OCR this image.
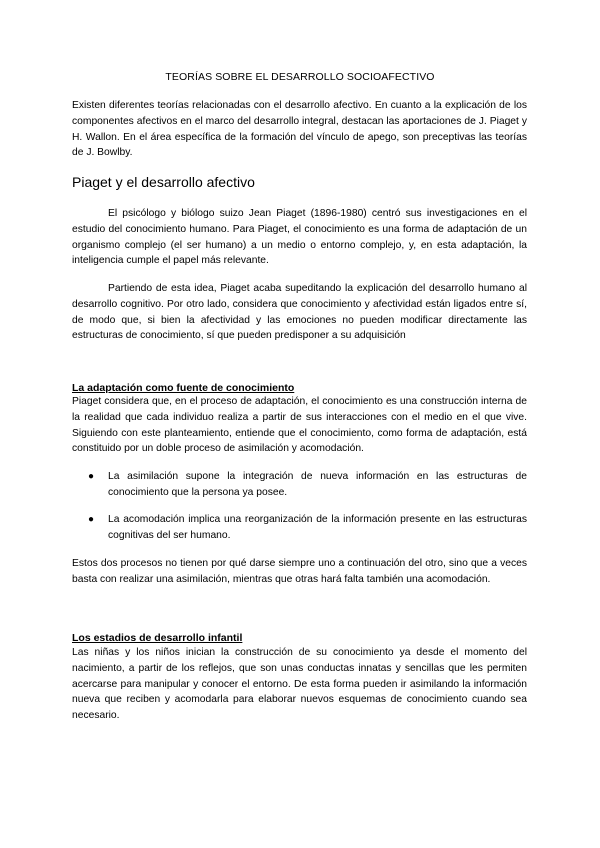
TEORÍAS SOBRE EL DESARROLLO SOCIOAFECTIVO

Existen diferentes teorías relacionadas con el desarrollo afectivo. En cuanto a la explicación de los componentes afectivos en el marco del desarrollo integral, destacan las aportaciones de J. Piaget y H. Wallon. En el área específica de la formación del vínculo de apego, son preceptivas las teorías de J. Bowlby.

Piaget y el desarrollo afectivo

El psicólogo y biólogo suizo Jean Piaget (1896-1980) centró sus investigaciones en el estudio del conocimiento humano. Para Piaget, el conocimiento es una forma de adaptación de un organismo complejo (el ser humano) a un medio o entorno complejo, y, en esta adaptación, la inteligencia cumple el papel más relevante.

Partiendo de esta idea, Piaget acaba supeditando la explicación del desarrollo humano al desarrollo cognitivo. Por otro lado, considera que conocimiento y afectividad están ligados entre sí, de modo que, si bien la afectividad y las emociones no pueden modificar directamente las estructuras de conocimiento, sí que pueden predisponer a su adquisición

La adaptación como fuente de conocimiento

Piaget considera que, en el proceso de adaptación, el conocimiento es una construcción interna de la realidad que cada individuo realiza a partir de sus interacciones con el medio en el que vive. Siguiendo con este planteamiento, entiende que el conocimiento, como forma de adaptación, está constituido por un doble proceso de asimilación y acomodación.

●	La asimilación supone la integración de nueva información en las estructuras de conocimiento que la persona ya posee.
●	La acomodación implica una reorganización de la información presente en las estructuras cognitivas del ser humano.

Estos dos procesos no tienen por qué darse siempre uno a continuación del otro, sino que a veces basta con realizar una asimilación, mientras que otras hará falta también una acomodación.

Los estadios de desarrollo infantil

Las niñas y los niños inician la construcción de su conocimiento ya desde el momento del nacimiento, a partir de los reflejos, que son unas conductas innatas y sencillas que les permiten acercarse para manipular y conocer el entorno. De esta forma pueden ir asimilando la información nueva que reciben y acomodarla para elaborar nuevos esquemas de conocimiento cuando sea necesario.
